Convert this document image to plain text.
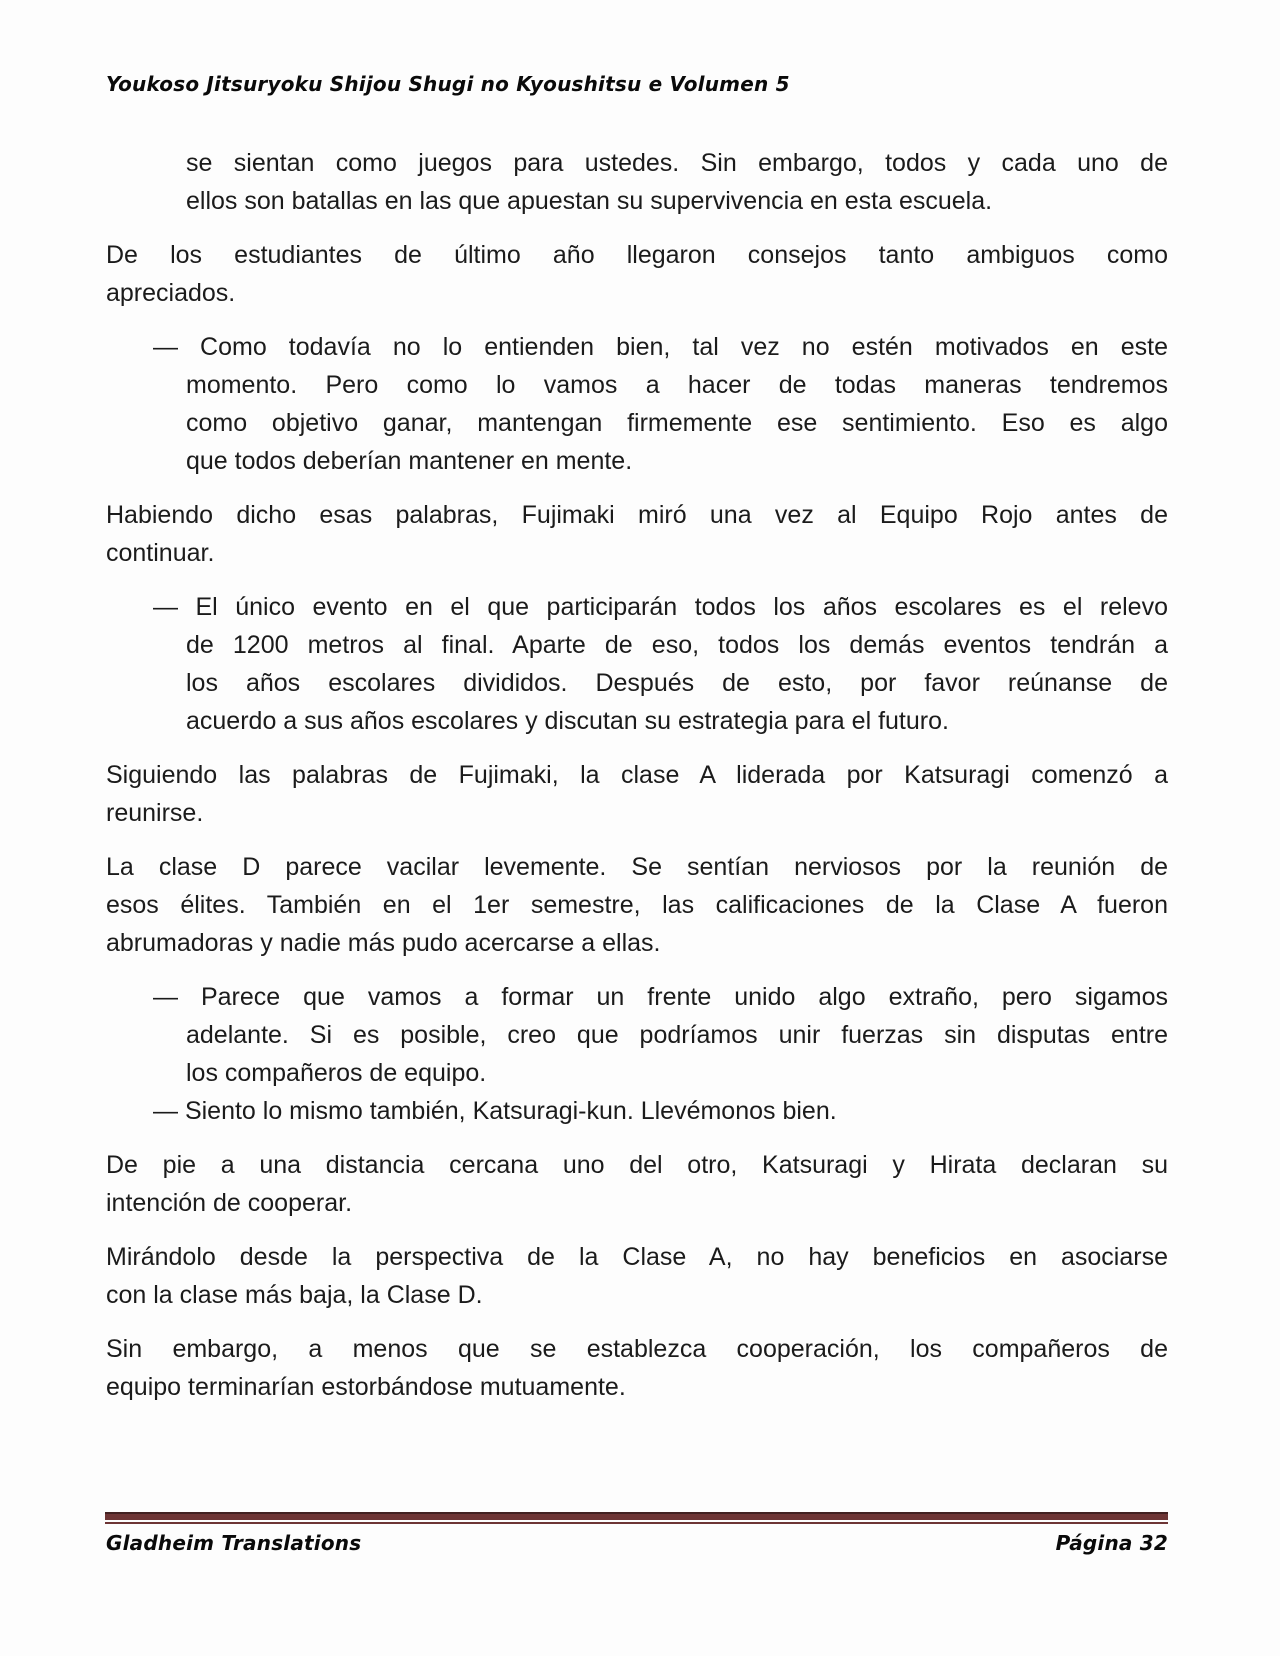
Youkoso Jitsuryoku Shijou Shugi no Kyoushitsu e Volumen 5
se sientan como juegos para ustedes. Sin embargo, todos y cada uno de
ellos son batallas en las que apuestan su supervivencia en esta escuela.
De los estudiantes de último año llegaron consejos tanto ambiguos como
apreciados.
— Como todavía no lo entienden bien, tal vez no estén motivados en este
momento. Pero como lo vamos a hacer de todas maneras tendremos
como objetivo ganar, mantengan firmemente ese sentimiento. Eso es algo
que todos deberían mantener en mente.
Habiendo dicho esas palabras, Fujimaki miró una vez al Equipo Rojo antes de
continuar.
— El único evento en el que participarán todos los años escolares es el relevo
de 1200 metros al final. Aparte de eso, todos los demás eventos tendrán a
los años escolares divididos. Después de esto, por favor reúnanse de
acuerdo a sus años escolares y discutan su estrategia para el futuro.
Siguiendo las palabras de Fujimaki, la clase A liderada por Katsuragi comenzó a
reunirse.
La clase D parece vacilar levemente. Se sentían nerviosos por la reunión de
esos élites. También en el 1er semestre, las calificaciones de la Clase A fueron
abrumadoras y nadie más pudo acercarse a ellas.
— Parece que vamos a formar un frente unido algo extraño, pero sigamos
adelante. Si es posible, creo que podríamos unir fuerzas sin disputas entre
los compañeros de equipo.
— Siento lo mismo también, Katsuragi-kun. Llevémonos bien.
De pie a una distancia cercana uno del otro, Katsuragi y Hirata declaran su
intención de cooperar.
Mirándolo desde la perspectiva de la Clase A, no hay beneficios en asociarse
con la clase más baja, la Clase D.
Sin embargo, a menos que se establezca cooperación, los compañeros de
equipo terminarían estorbándose mutuamente.
Gladheim Translations	Página 32
